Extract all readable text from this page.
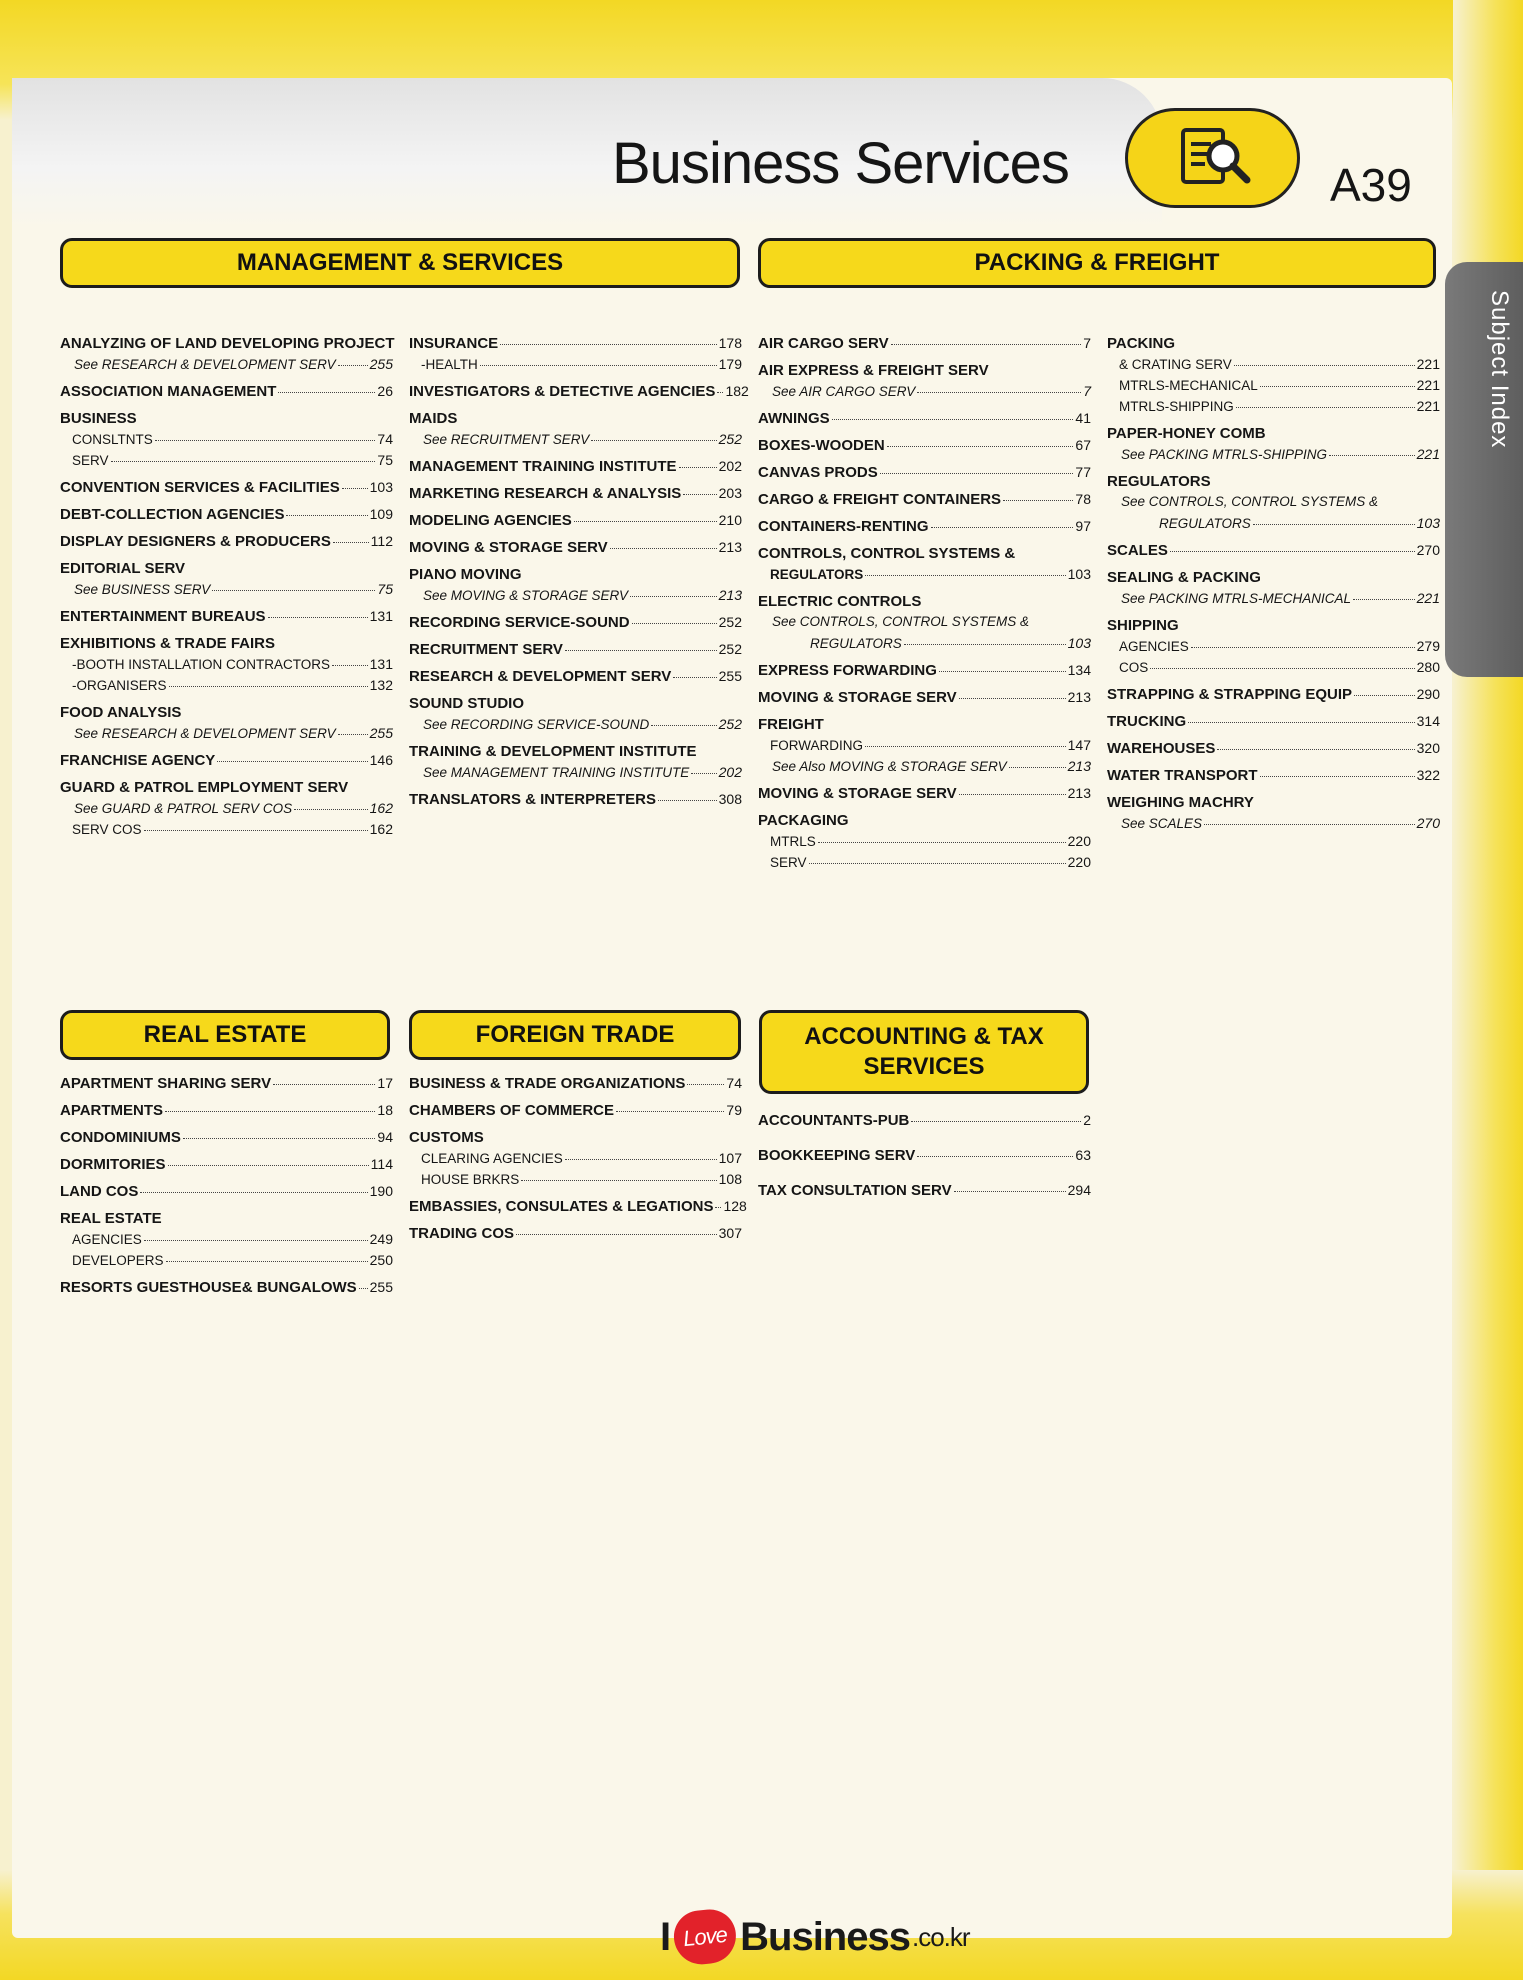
Business Services	A39
Subject Index
MANAGEMENT & SERVICES	PACKING & FREIGHT
REAL ESTATE	FOREIGN TRADE	ACCOUNTING & TAX
SERVICES
ANALYZING OF LAND DEVELOPING PROJECT
See RESEARCH & DEVELOPMENT SERV 255
ASSOCIATION MANAGEMENT	26
BUSINESS
CONSLTNTS	74
SERV	75
CONVENTION SERVICES & FACILITIES 103
DEBT-COLLECTION AGENCIES	109
DISPLAY DESIGNERS & PRODUCERS	112
EDITORIAL SERV
See BUSINESS SERV	75
ENTERTAINMENT BUREAUS	131
EXHIBITIONS & TRADE FAIRS
-BOOTH INSTALLATION CONTRACTORS	131
-ORGANISERS	132
FOOD ANALYSIS
See RESEARCH & DEVELOPMENT SERV 255
FRANCHISE AGENCY	146
GUARD & PATROL EMPLOYMENT SERV
See GUARD & PATROL SERV COS	162
SERV COS	162
INSURANCE	178
-HEALTH	179
INVESTIGATORS & DETECTIVE AGENCIES 182
MAIDS
See RECRUITMENT SERV	252
MANAGEMENT TRAINING INSTITUTE	202
MARKETING RESEARCH & ANALYSIS	203
MODELING AGENCIES	210
MOVING & STORAGE SERV	213
PIANO MOVING
See MOVING & STORAGE SERV	213
RECORDING SERVICE-SOUND	252
RECRUITMENT SERV	252
RESEARCH & DEVELOPMENT SERV	255
SOUND STUDIO
See RECORDING SERVICE-SOUND	252
TRAINING & DEVELOPMENT INSTITUTE
See MANAGEMENT TRAINING INSTITUTE 202
TRANSLATORS & INTERPRETERS	308
AIR CARGO SERV	7
AIR EXPRESS & FREIGHT SERV
See AIR CARGO SERV	7
AWNINGS	41
BOXES-WOODEN	67
CANVAS PRODS	77
CARGO & FREIGHT CONTAINERS	78
CONTAINERS-RENTING	97
CONTROLS, CONTROL SYSTEMS &
REGULATORS	103
ELECTRIC CONTROLS
See CONTROLS, CONTROL SYSTEMS &
REGULATORS	103
EXPRESS FORWARDING	134
MOVING & STORAGE SERV	213
FREIGHT
FORWARDING	147
See Also MOVING & STORAGE SERV	213
MOVING & STORAGE SERV	213
PACKAGING
MTRLS	220
SERV	220
PACKING
& CRATING SERV	221
MTRLS-MECHANICAL	221
MTRLS-SHIPPING	221
PAPER-HONEY COMB
See PACKING MTRLS-SHIPPING	221
REGULATORS
See CONTROLS, CONTROL SYSTEMS &
REGULATORS	103
SCALES	270
SEALING & PACKING
See PACKING MTRLS-MECHANICAL	221
SHIPPING
AGENCIES	279
COS	280
STRAPPING & STRAPPING EQUIP	290
TRUCKING	314
WAREHOUSES	320
WATER TRANSPORT	322
WEIGHING MACHRY
See SCALES	270
APARTMENT SHARING SERV	17
APARTMENTS	18
CONDOMINIUMS	94
DORMITORIES	114
LAND COS	190
REAL ESTATE
AGENCIES	249
DEVELOPERS	250
RESORTS GUESTHOUSE& BUNGALOWS 255
BUSINESS & TRADE ORGANIZATIONS	74
CHAMBERS OF COMMERCE	79
CUSTOMS
CLEARING AGENCIES	107
HOUSE BRKRS	108
EMBASSIES, CONSULATES & LEGATIONS 128
TRADING COS	307
ACCOUNTANTS-PUB	2
BOOKKEEPING SERV	63
TAX CONSULTATION SERV	294
I Love Business .co.kr
